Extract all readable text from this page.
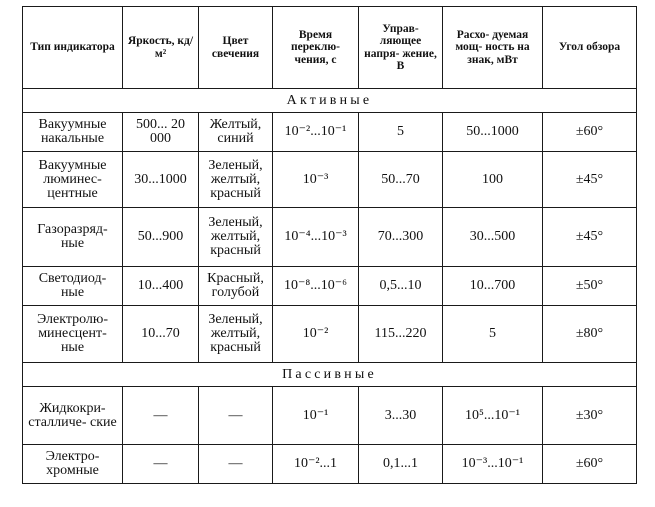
Тип индикатора	Яркость, кд/м²	Цвет свечения	Время переклю- чения, с	Управ- ляющее напря- жение, В	Расхо- дуемая мощ- ность на знак, мВт	Угол обзора
Активные						
Вакуумные накальные	500... 20 000	Желтый, синий	10⁻²...10⁻¹	5	50...1000	±60°
Вакуумные люминес- центные	30...1000	Зеленый, желтый, красный	10⁻³	50...70	100	±45°
Газоразряд- ные	50...900	Зеленый, желтый, красный	10⁻⁴...10⁻³	70...300	30...500	±45°
Светодиод- ные	10...400	Красный, голубой	10⁻⁸...10⁻⁶	0,5...10	10...700	±50°
Электролю- минесцент- ные	10...70	Зеленый, желтый, красный	10⁻²	115...220	5	±80°
Пассивные						
Жидкокри- сталличе- ские	—	—	10⁻¹	3...30	10⁵...10⁻¹	±30°
Электро- хромные	—	—	10⁻²...1	0,1...1	10⁻³...10⁻¹	±60°
